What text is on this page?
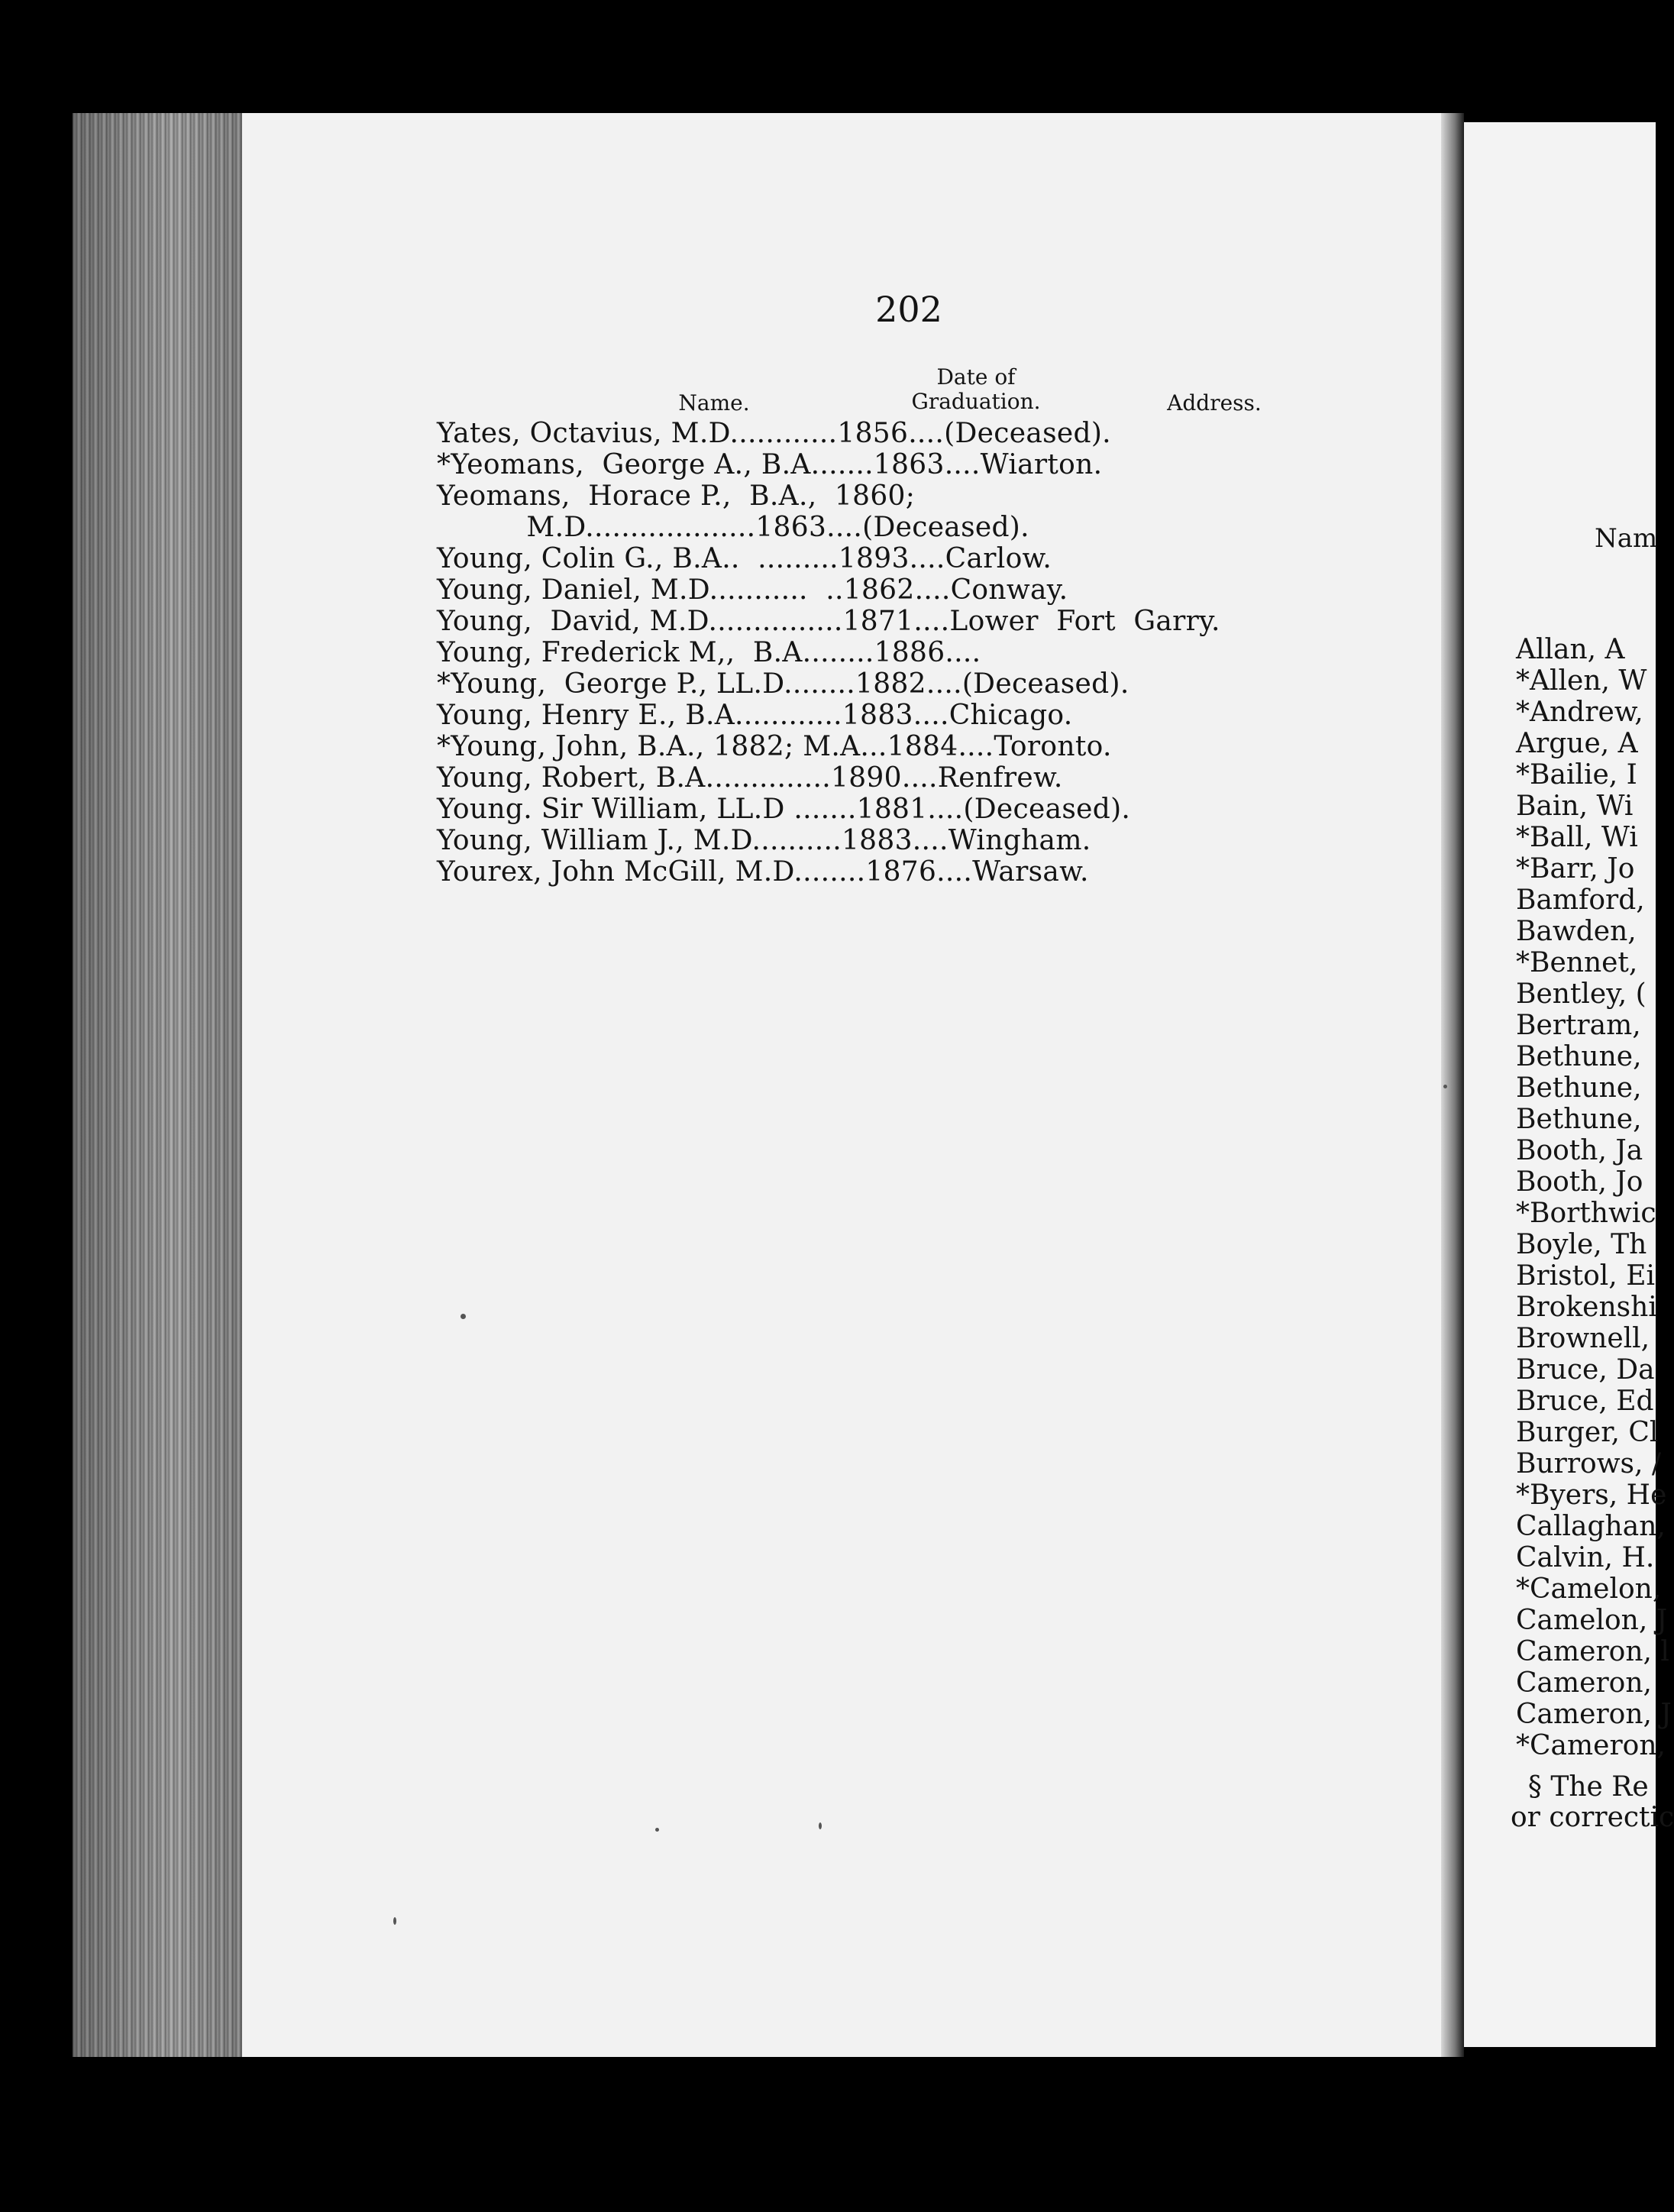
202
Name.
Date of
Graduation.	Address.
Yates, Octavius, M.D............1856....(Deceased).
*Yeomans,  George A., B.A.......1863....Wiarton.
Yeomans,  Horace P.,  B.A.,  1860;
M.D...................1863....(Deceased).
Young, Colin G., B.A..  .........1893....Carlow.
Young, Daniel, M.D...........  ..1862....Conway.
Young,  David, M.D...............1871....Lower  Fort  Garry.
Young, Frederick M,,  B.A........1886....
*Young,  George P., LL.D........1882....(Deceased).
Young, Henry E., B.A............1883....Chicago.
*Young, John, B.A., 1882; M.A...1884....Toronto.
Young, Robert, B.A..............1890....Renfrew.
Young. Sir William, LL.D .......1881....(Deceased).
Young, William J., M.D..........1883....Wingham.
Yourex, John McGill, M.D........1876....Warsaw.
Nam
Allan, A
*Allen, W
*Andrew,
Argue, A
*Bailie, I
Bain, Wi
*Ball, Wi
*Barr, Jo
Bamford,
Bawden,
*Bennet,
Bentley, (
Bertram,
Bethune,
Bethune,
Bethune,
Booth, Ja
Booth, Jo
*Borthwic
Boyle, Th
Bristol, Ei
Brokenshi
Brownell,
Bruce, Da
Bruce, Ed
Burger, Cl
Burrows, /
*Byers, He
Callaghan,
Calvin, H.
*Camelon,
Camelon, J
Cameron, l
Cameron,
Cameron, J
*Cameron,
§ The Re
or correctic
